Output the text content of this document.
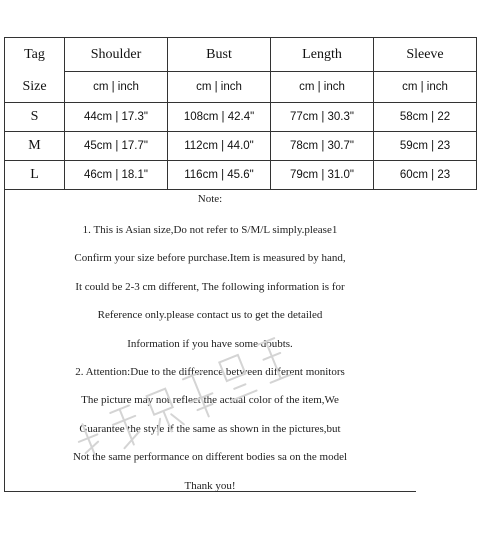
Tag	Shoulder	Bust	Length	Sleeve
Size	cm | inch	cm | inch	cm | inch	cm | inch
S	44cm | 17.3"	108cm | 42.4"	77cm | 30.3"	58cm | 22
M	45cm | 17.7"	112cm | 44.0"	78cm | 30.7"	59cm | 23
L	46cm | 18.1"	116cm | 45.6"	79cm | 31.0"	60cm | 23
Note:
1. This is Asian size,Do not refer to S/M/L simply.please1
Confirm your size before purchase.Item is measured by hand,
It could be 2-3 cm different, The following information is for
Reference only.please contact us to get the detailed
Information if you have some doubts.
2. Attention:Due to the difference between different monitors
The picture may not reflect the actual color of the item,We
Guarantee the style if the same as shown in the pictures,but
Not the same performance on different bodies sa on the model
Thank you!
